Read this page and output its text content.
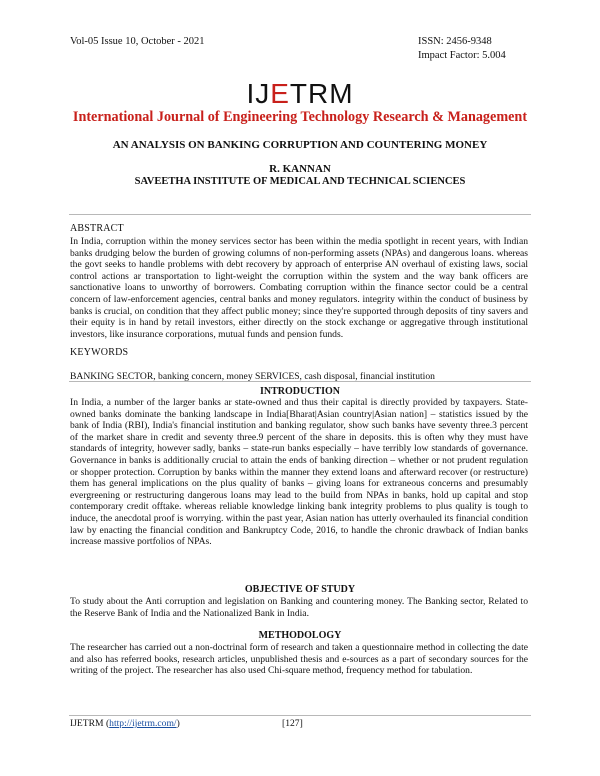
Vol-05 Issue 10, October - 2021	ISSN: 2456-9348
Impact Factor: 5.004
IJETRM
International Journal of Engineering Technology Research & Management
AN ANALYSIS ON BANKING CORRUPTION AND COUNTERING MONEY
R. KANNAN
SAVEETHA INSTITUTE OF MEDICAL AND TECHNICAL SCIENCES
ABSTRACT

In India, corruption within the money services sector has been within the media spotlight in recent years, with Indian banks drudging below the burden of growing columns of non-performing assets (NPAs) and dangerous loans. whereas the govt seeks to handle problems with debt recovery by approach of enterprise AN overhaul of existing laws, social control actions ar transportation to light-weight the corruption within the system and the way bank officers are sanctionative loans to unworthy of borrowers. Combating corruption within the finance sector could be a central concern of law-enforcement agencies, central banks and money regulators. integrity within the conduct of business by banks is crucial, on condition that they affect public money; since they're supported through deposits of tiny savers and their equity is in hand by retail investors, either directly on the stock exchange or aggregative through institutional investors, like insurance corporations, mutual funds and pension funds.

KEYWORDS

BANKING SECTOR, banking concern, money SERVICES, cash disposal, financial institution

INTRODUCTION

In India, a number of the larger banks ar state-owned and thus their capital is directly provided by taxpayers. State-owned banks dominate the banking landscape in India[Bharat|Asian country|Asian nation] – statistics issued by the bank of India (RBI), India's financial institution and banking regulator, show such banks have seventy three.3 percent of the market share in credit and seventy three.9 percent of the share in deposits. this is often why they must have standards of integrity, however sadly, banks – state-run banks especially – have terribly low standards of governance. Governance in banks is additionally crucial to attain the ends of banking direction – whether or not prudent regulation or shopper protection. Corruption by banks within the manner they extend loans and afterward recover (or restructure) them has general implications on the plus quality of banks – giving loans for extraneous concerns and presumably evergreening or restructuring dangerous loans may lead to the build from NPAs in banks, hold up capital and stop contemporary credit offtake. whereas reliable knowledge linking bank integrity problems to plus quality is tough to induce, the anecdotal proof is worrying. within the past year, Asian nation has utterly overhauled its financial condition law by enacting the financial condition and Bankruptcy Code, 2016, to handle the chronic drawback of Indian banks increase massive portfolios of NPAs.

OBJECTIVE OF STUDY

To study about the Anti corruption and legislation on Banking and countering money. The Banking sector, Related to the Reserve Bank of India and the Nationalized Bank in India.

METHODOLOGY

The researcher has carried out a non-doctrinal form of research and taken a questionnaire method in collecting the date and also has referred books, research articles, unpublished thesis and e-sources as a part of secondary sources for the writing of the project. The researcher has also used Chi-square method, frequency method for tabulation.

IJETRM (http://ijetrm.com/)	[127]
